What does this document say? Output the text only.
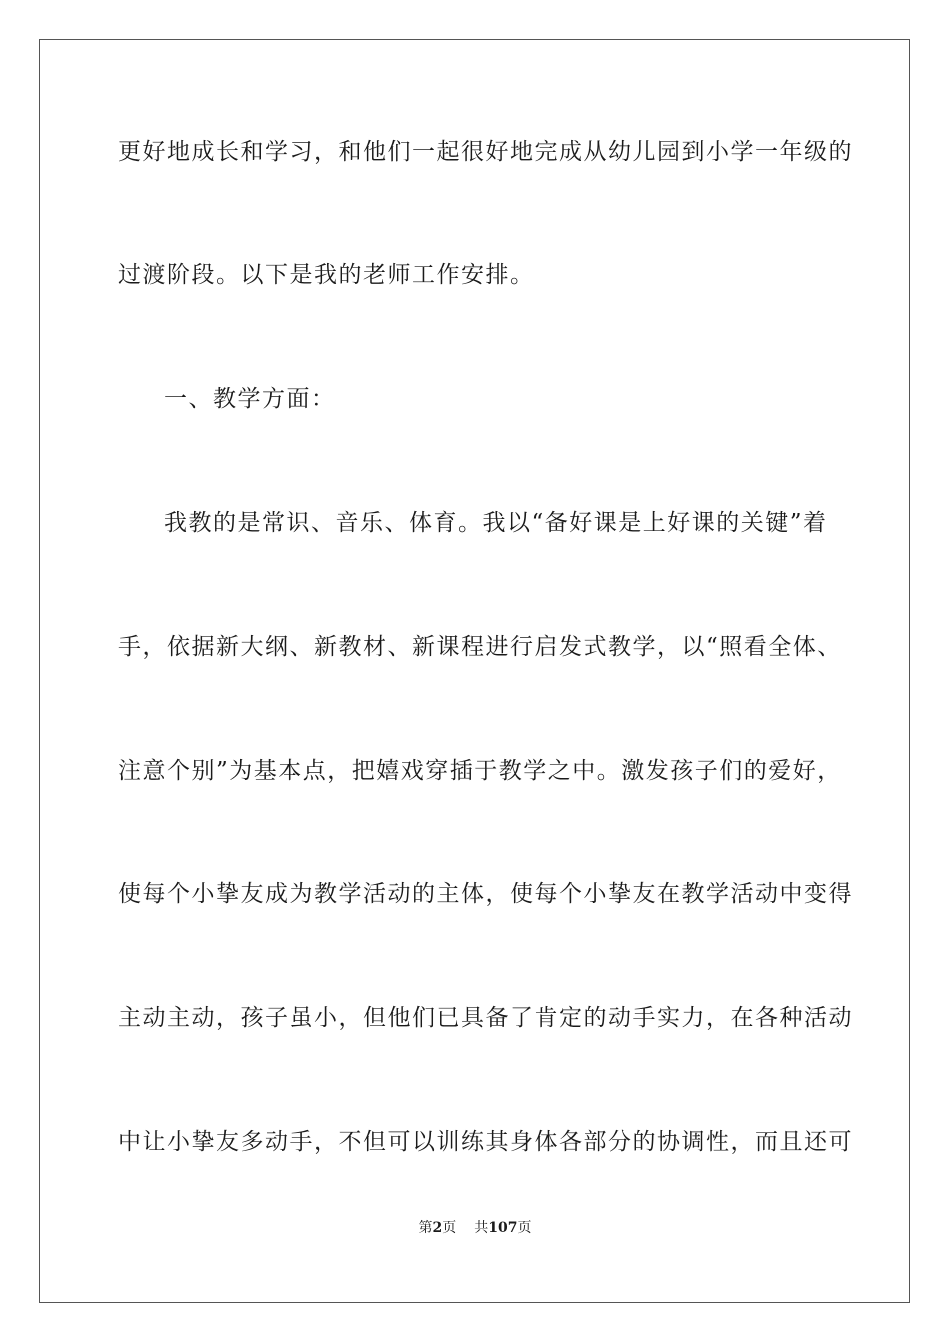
更好地成长和学习，和他们一起很好地完成从幼儿园到小学一年级的
过渡阶段。以下是我的老师工作安排。
一、教学方面：
我教的是常识、音乐、体育。我以“备好课是上好课的关键”着
手，依据新大纲、新教材、新课程进行启发式教学，以“照看全体、
注意个别”为基本点，把嬉戏穿插于教学之中。激发孩子们的爱好，
使每个小挚友成为教学活动的主体，使每个小挚友在教学活动中变得
主动主动，孩子虽小，但他们已具备了肯定的动手实力，在各种活动
中让小挚友多动手，不但可以训练其身体各部分的协调性，而且还可
第2页 共107页
